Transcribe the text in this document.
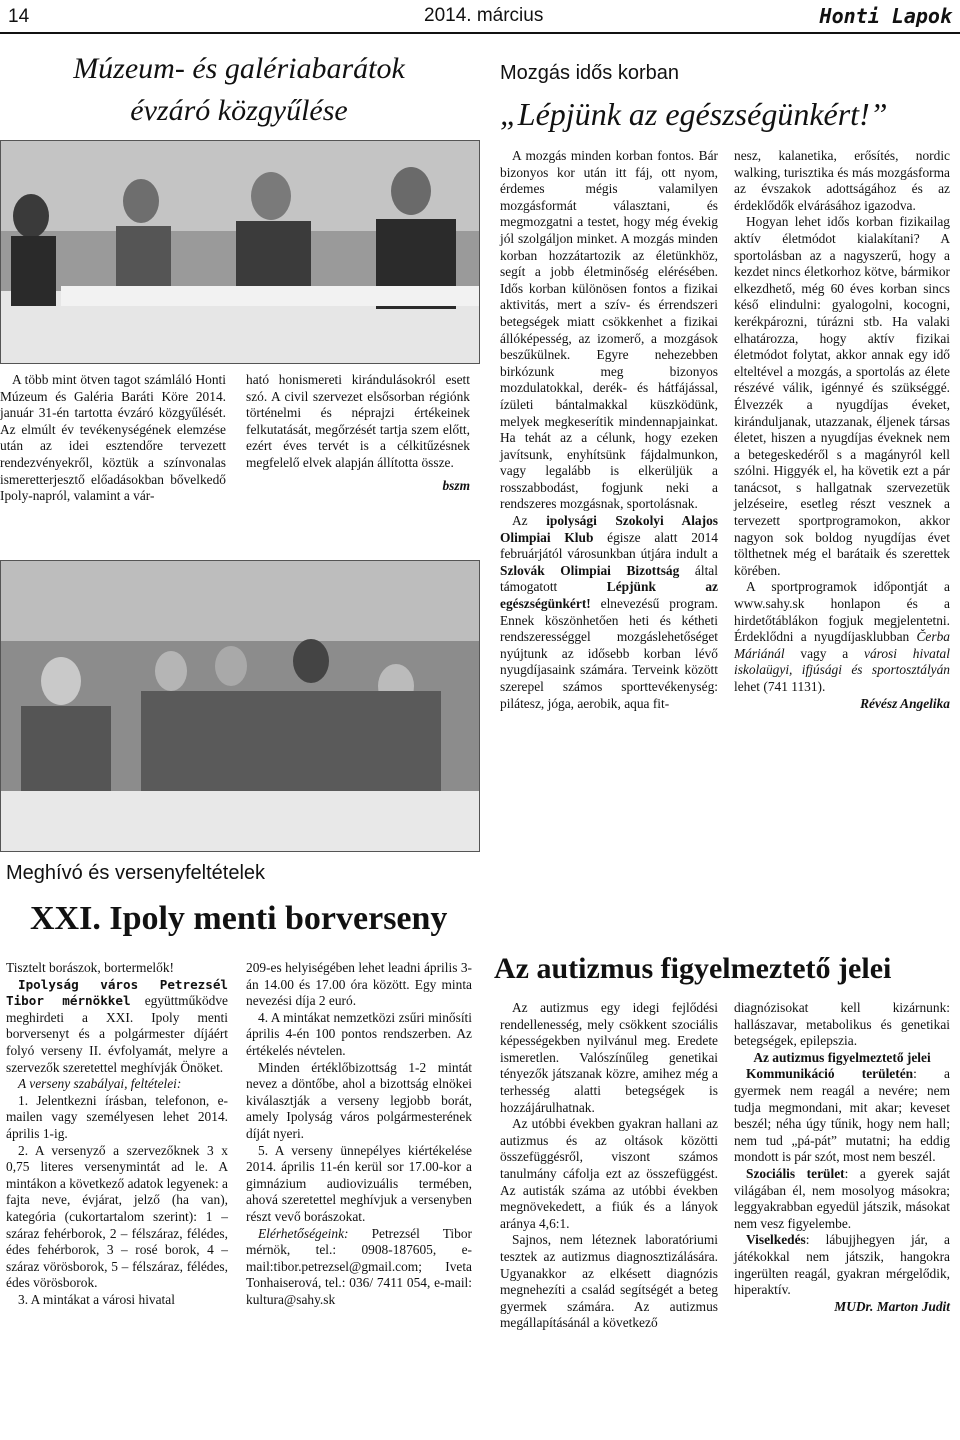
14	2014. március	Honti Lapok
Múzeum- és galériabarátok
évzáró közgyűlése

A több mint ötven tagot számláló Honti Múzeum és Galéria Baráti Köre 2014. január 31-én tartotta évzáró közgyűlését. Az elmúlt év tevékenységének elemzése után az idei esztendőre tervezett rendezvényekről, köztük a színvonalas ismeretterjesztő előadásokban bővelkedő Ipoly-napról, valamint a vár-

ható honismereti kirándulásokról esett szó. A civil szervezet elsősorban régiónk történelmi és néprajzi értékeinek felkutatását, megőrzését tartja szem előtt, ezért éves tervét is a célkitűzésnek megfelelő elvek alapján állította össze.

bszm
Meghívó és versenyfeltételek
XXI. Ipoly menti borverseny

Tisztelt borászok, bortermelők!

Ipolyság város Petrezsél Tibor mérnökkel együttműködve meghirdeti a XXI. Ipoly menti borversenyt és a polgármester díjáért folyó verseny II. évfolyamát, melyre a szervezők szeretettel meghívják Önöket.

A verseny szabályai, feltételei:

1. Jelentkezni írásban, telefonon, e-mailen vagy személyesen lehet 2014. április 1-ig.

2. A versenyző a szervezőknek 3 x 0,75 literes versenymintát ad le. A mintákon a következő adatok legyenek: a fajta neve, évjárat, jelző (ha van), kategória (cukortartalom szerint): 1 – száraz fehérborok, 2 – félszáraz, félédes, édes fehérborok, 3 – rosé borok, 4 – száraz vörösborok, 5 – félszáraz, félédes, édes vörösborok.

3. A mintákat a városi hivatal

209-es helyiségében lehet leadni április 3-án 14.00 és 17.00 óra között. Egy minta nevezési díja 2 euró.

4. A mintákat nemzetközi zsűri minősíti április 4-én 100 pontos rendszerben. Az értékelés névtelen.

Minden értéklőbizottság 1-2 mintát nevez a döntőbe, ahol a bizottság elnökei kiválasztják a verseny legjobb borát, amely Ipolyság város polgármesterének díját nyeri.

5. A verseny ünnepélyes kiértékelése 2014. április 11-én kerül sor 17.00-kor a gimnázium audiovizuális termében, ahová szeretettel meghívjuk a versenyben részt vevő borászokat.

Elérhetőségeink: Petrezsél Tibor mérnök, tel.: 0908-187605, e-mail:tibor.petrezsel@gmail.com; Iveta Tonhaiserová, tel.: 036/ 7411 054, e-mail: kultura@sahy.sk

Mozgás idős korban
„Lépjünk az egészségünkért!”

A mozgás minden korban fontos. Bár bizonyos kor után itt fáj, ott nyom, érdemes mégis valamilyen mozgásformát választani, és megmozgatni a testet, hogy még évekig jól szolgáljon minket. A mozgás minden korban hozzátartozik az életünkhöz, segít a jobb életminőség elérésében. Idős korban különösen fontos a fizikai aktivitás, mert a szív- és érrendszeri betegségek miatt csökkenhet a fizikai állóképesség, az izomerő, a mozgások beszűkülnek. Egyre nehezebben birkózunk meg bizonyos mozdulatokkal, derék- és hátfájással, ízületi bántalmakkal küszködünk, melyek megkeserítik mindennapjainkat. Ha tehát az a célunk, hogy ezeken javítsunk, enyhítsünk fájdalmunkon, vagy legalább is elkerüljük a rosszabbodást, fogjunk neki a rendszeres mozgásnak, sportolásnak.

Az ipolysági Szokolyi Alajos Olimpiai Klub égisze alatt 2014 februárjától városunkban útjára indult a Szlovák Olimpiai Bizottság által támogatott	Lépjünk az egészségünkért! elnevezésű program. Ennek köszönhetően heti és kétheti rendszerességgel mozgáslehetőséget nyújtunk az idősebb korban lévő nyugdíjasaink számára. Terveink között szerepel számos sporttevékenység: pilátesz, jóga, aerobik, aqua fit-

nesz, kalanetika, erősítés, nordic walking, turisztika és más mozgásforma az évszakok adottságához és az érdeklődők elvárásához igazodva.

Hogyan lehet idős korban fizikailag aktív életmódot kialakítani? A sportolásban az a nagyszerű, hogy a kezdet nincs életkorhoz kötve, bármikor elkezdhető, még 60 éves korban sincs késő elindulni: gyalogolni, kocogni, kerékpározni, túrázni stb. Ha valaki elhatározza, hogy aktív fizikai életmódot folytat, akkor annak egy idő elteltével a mozgás, a sportolás az élete részévé válik, igénnyé és szükséggé. Élvezzék a nyugdíjas éveket, kiránduljanak, utazzanak, éljenek társas életet, hiszen a nyugdíjas éveknek nem a betegeskedéről s a magányról kell szólni. Higgyék el, ha követik ezt a pár tanácsot, s hallgatnak szervezetük jelzéseire, esetleg részt vesznek a tervezett sportprogramokon, akkor nagyon sok boldog nyugdíjas évet tölthetnek még el barátaik és szerettek körében.

A sportprogramok időpontját a www.sahy.sk honlapon és a hirdetőtáblákon fogjuk megjelentetni. Érdeklődni a nyugdíjasklubban Čerba Máriánál vagy a városi hivatal iskolaügyi, ifjúsági és sportosztályán lehet (741 1131).

Révész Angelika
Az autizmus figyelmeztető jelei

Az autizmus egy idegi fejlődési rendellenesség, mely csökkent szociális képességekben nyilvánul meg. Eredete ismeretlen. Valószínűleg genetikai tényezők játszanak közre, amihez még a terhesség alatti betegségek is hozzájárulhatnak.

Az utóbbi években gyakran hallani az autizmus és az oltások közötti összefüggésről, viszont számos tanulmány cáfolja ezt az összefüggést. Az autisták száma az utóbbi években megnövekedett, a fiúk és a lányok aránya 4,6:1.

Sajnos, nem léteznek laboratóriumi tesztek az autizmus diagnosztizálására. Ugyanakkor az elkésett diagnózis megnehezíti a család segítségét a beteg gyermek számára. Az autizmus megállapításánál a következő

diagnózisokat kell kizárnunk: hallászavar, metabolikus és genetikai betegségek, epilepszia.

Az autizmus figyelmeztető jelei

Kommunikáció területén: a gyermek nem reagál a nevére; nem tudja megmondani, mit akar; keveset beszél; néha úgy tűnik, hogy nem hall; nem tud „pá-pát” mutatni; ha eddig mondott is pár szót, most nem beszél.

Szociális terület: a gyerek saját világában él, nem mosolyog másokra; leggyakrabban egyedül játszik, másokat nem vesz figyelembe.

Viselkedés: lábujjhegyen jár, a játékokkal nem játszik, hangokra ingerülten reagál, gyakran mérgelődik, hiperaktív.

MUDr. Marton Judit
